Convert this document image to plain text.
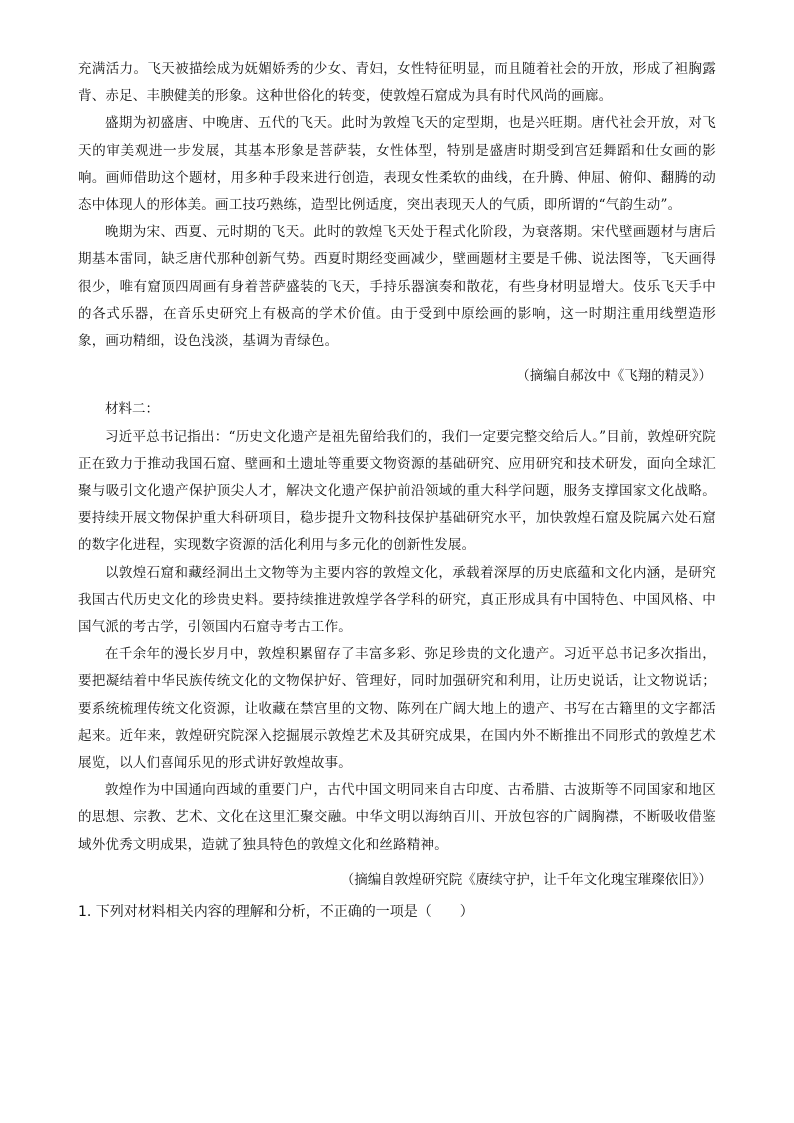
充满活力。飞天被描绘成为妩媚娇秀的少女、青妇，女性特征明显，而且随着社会的开放，形成了袒胸露背、赤足、丰腴健美的形象。这种世俗化的转变，使敦煌石窟成为具有时代风尚的画廊。

盛期为初盛唐、中晚唐、五代的飞天。此时为敦煌飞天的定型期，也是兴旺期。唐代社会开放，对飞天的审美观进一步发展，其基本形象是菩萨装，女性体型，特别是盛唐时期受到宫廷舞蹈和仕女画的影响。画师借助这个题材，用多种手段来进行创造，表现女性柔软的曲线，在升腾、伸屈、俯仰、翻腾的动态中体现人的形体美。画工技巧熟练，造型比例适度，突出表现天人的气质，即所谓的“气韵生动”。

晚期为宋、西夏、元时期的飞天。此时的敦煌飞天处于程式化阶段，为衰落期。宋代壁画题材与唐后期基本雷同，缺乏唐代那种创新气势。西夏时期经变画减少，壁画题材主要是千佛、说法图等，飞天画得很少，唯有窟顶四周画有身着菩萨盛装的飞天，手持乐器演奏和散花，有些身材明显增大。伎乐飞天手中的各式乐器，在音乐史研究上有极高的学术价值。由于受到中原绘画的影响，这一时期注重用线塑造形象，画功精细，设色浅淡，基调为青绿色。

（摘编自郝汝中《飞翔的精灵》）

材料二：

习近平总书记指出：“历史文化遗产是祖先留给我们的，我们一定要完整交给后人。”目前，敦煌研究院正在致力于推动我国石窟、壁画和土遗址等重要文物资源的基础研究、应用研究和技术研发，面向全球汇聚与吸引文化遗产保护顶尖人才，解决文化遗产保护前沿领域的重大科学问题，服务支撑国家文化战略。要持续开展文物保护重大科研项目，稳步提升文物科技保护基础研究水平，加快敦煌石窟及院属六处石窟的数字化进程，实现数字资源的活化利用与多元化的创新性发展。

以敦煌石窟和藏经洞出土文物等为主要内容的敦煌文化，承载着深厚的历史底蕴和文化内涵，是研究我国古代历史文化的珍贵史料。要持续推进敦煌学各学科的研究，真正形成具有中国特色、中国风格、中国气派的考古学，引领国内石窟寺考古工作。

在千余年的漫长岁月中，敦煌积累留存了丰富多彩、弥足珍贵的文化遗产。习近平总书记多次指出，要把凝结着中华民族传统文化的文物保护好、管理好，同时加强研究和利用，让历史说话，让文物说话；要系统梳理传统文化资源，让收藏在禁宫里的文物、陈列在广阔大地上的遗产、书写在古籍里的文字都活起来。近年来，敦煌研究院深入挖掘展示敦煌艺术及其研究成果，在国内外不断推出不同形式的敦煌艺术展览，以人们喜闻乐见的形式讲好敦煌故事。

敦煌作为中国通向西域的重要门户，古代中国文明同来自古印度、古希腊、古波斯等不同国家和地区的思想、宗教、艺术、文化在这里汇聚交融。中华文明以海纳百川、开放包容的广阔胸襟，不断吸收借鉴域外优秀文明成果，造就了独具特色的敦煌文化和丝路精神。

（摘编自敦煌研究院《赓续守护，让千年文化瑰宝璀璨依旧》）

1. 下列对材料相关内容的理解和分析，不正确的一项是（　　）
